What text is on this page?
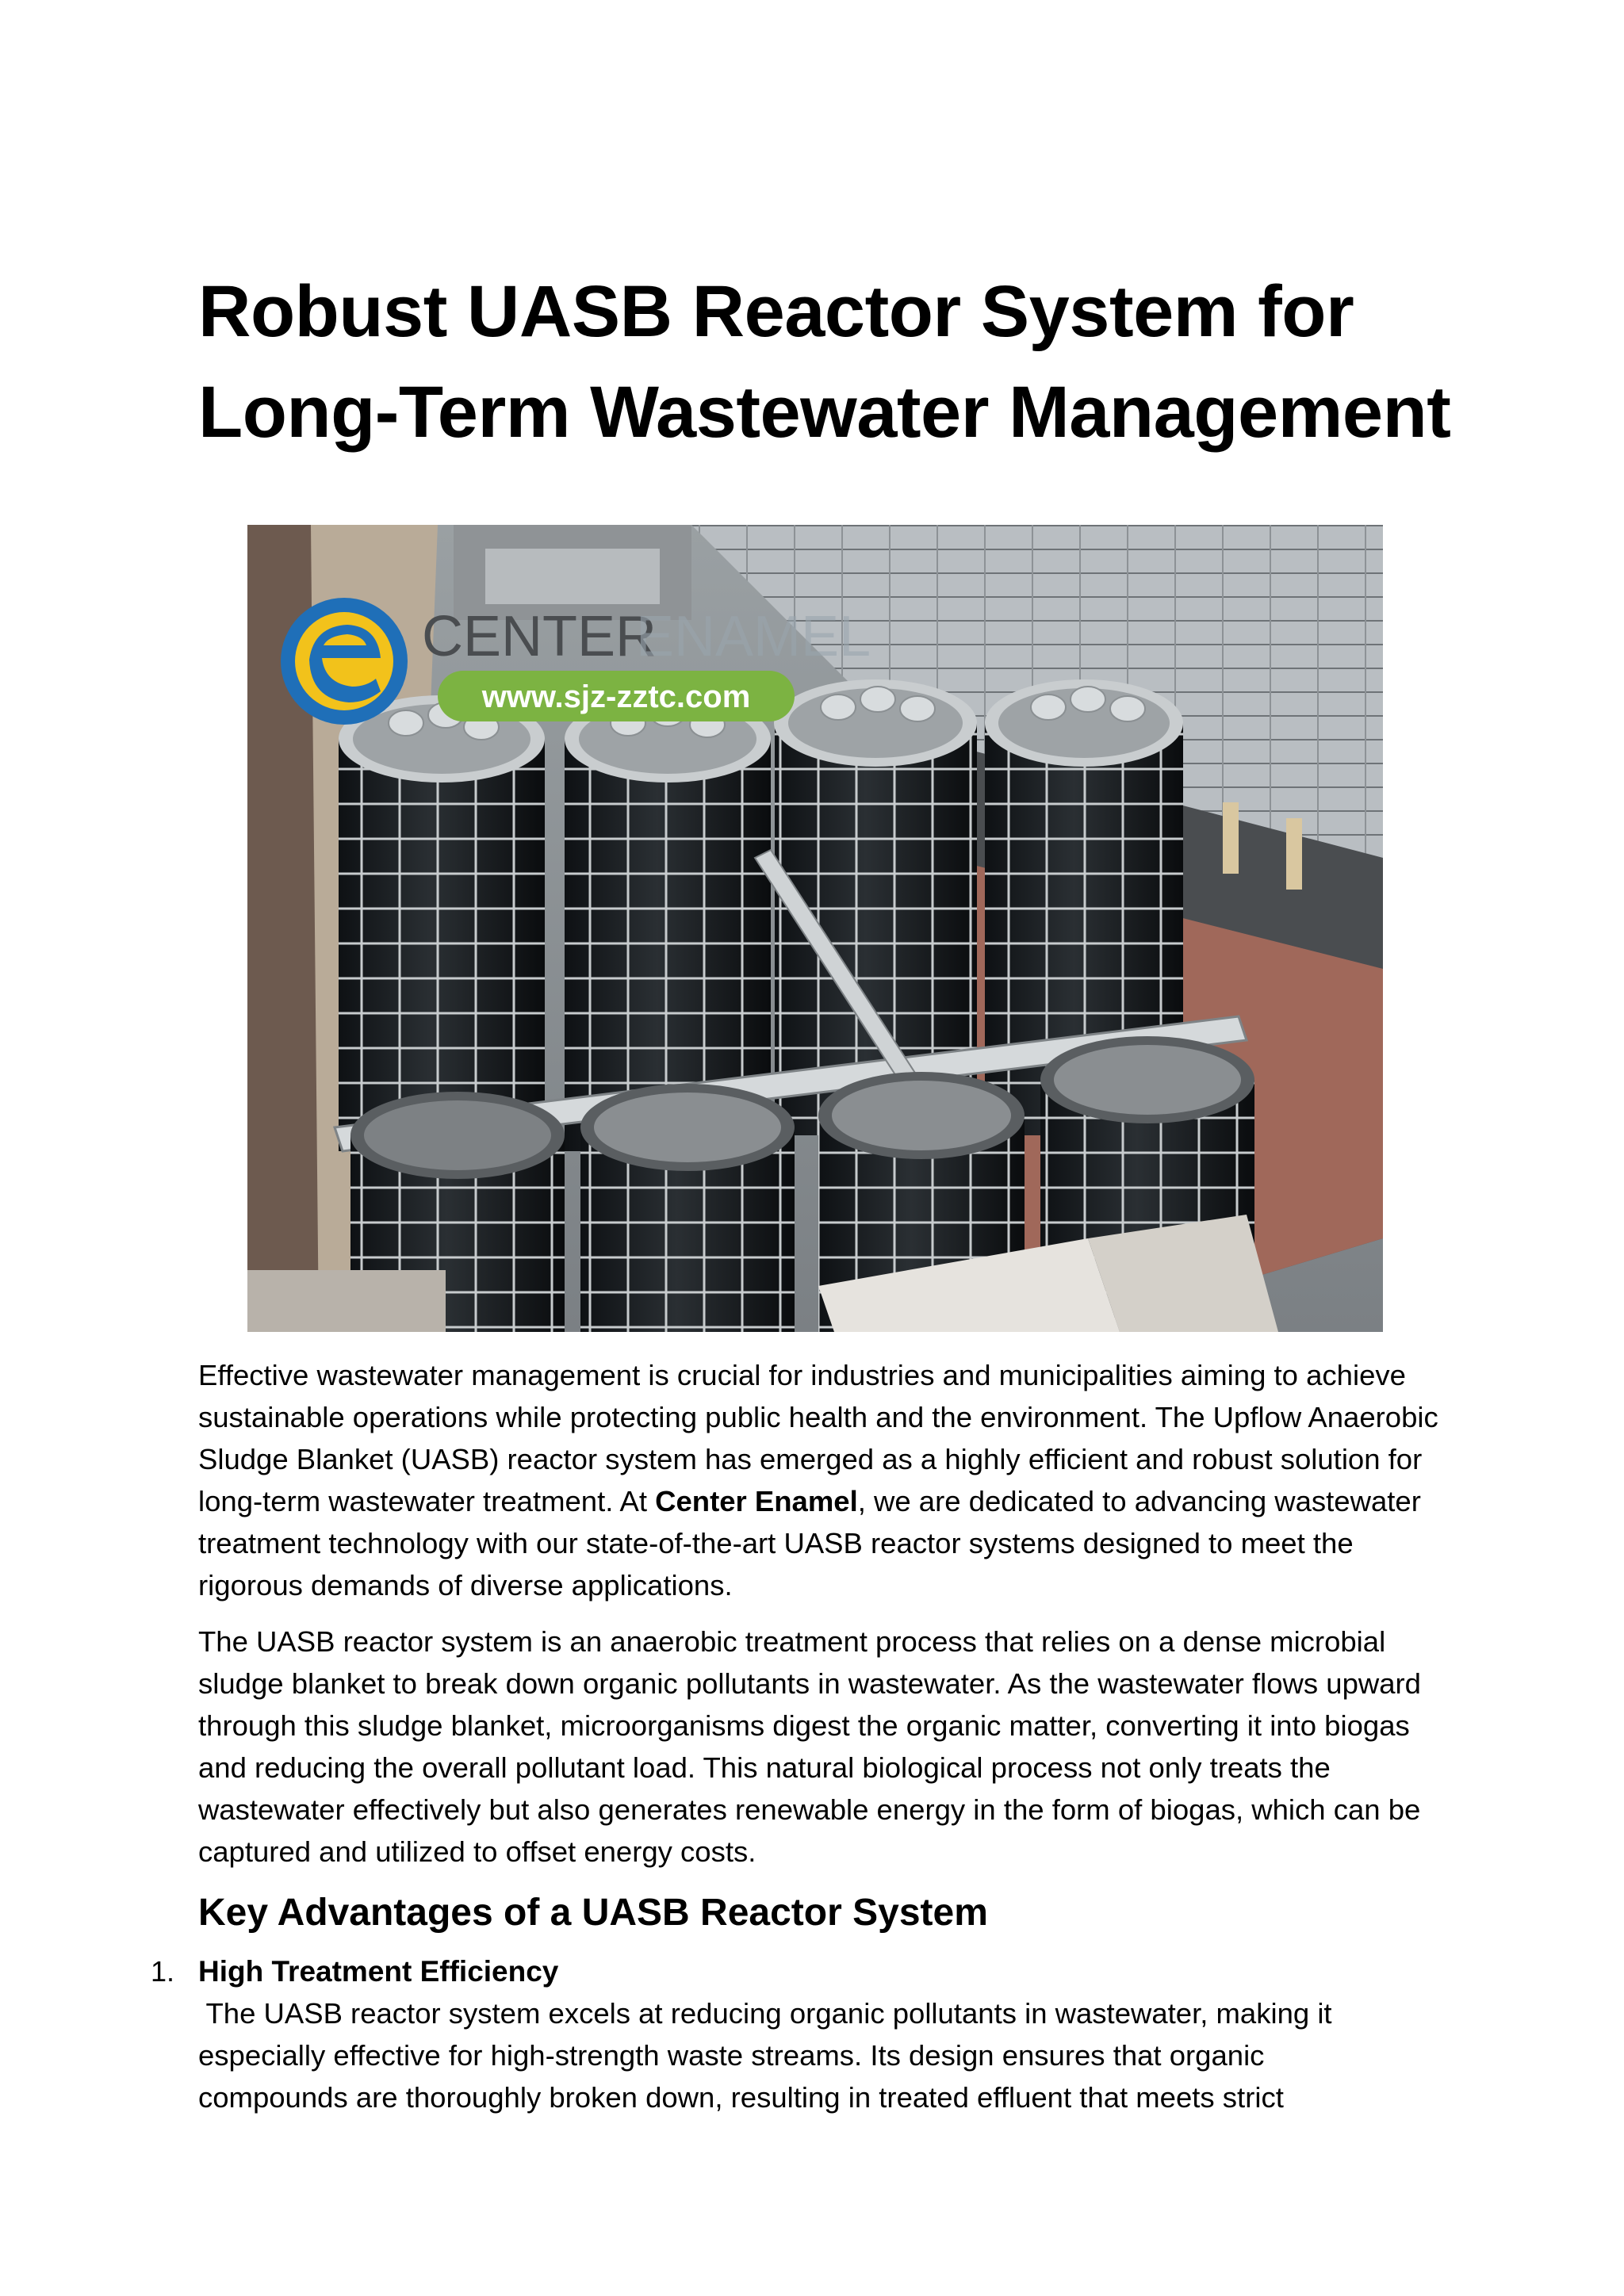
Robust UASB Reactor System for
Long-Term Wastewater Management
CENTER
ENAMEL
www.sjz-zztc.com

Effective wastewater management is crucial for industries and municipalities aiming to achieve sustainable operations while protecting public health and the environment. The Upflow Anaerobic Sludge Blanket (UASB) reactor system has emerged as a highly efficient and robust solution for long-term wastewater treatment. At Center Enamel, we are dedicated to advancing wastewater treatment technology with our state-of-the-art UASB reactor systems designed to meet the rigorous demands of diverse applications.

The UASB reactor system is an anaerobic treatment process that relies on a dense microbial sludge blanket to break down organic pollutants in wastewater. As the wastewater flows upward through this sludge blanket, microorganisms digest the organic matter, converting it into biogas and reducing the overall pollutant load. This natural biological process not only treats the wastewater effectively but also generates renewable energy in the form of biogas, which can be captured and utilized to offset energy costs.

Key Advantages of a UASB Reactor System
1. High Treatment Efficiency

The UASB reactor system excels at reducing organic pollutants in wastewater, making it
especially effective for high-strength waste streams. Its design ensures that organic
compounds are thoroughly broken down, resulting in treated effluent that meets strict
